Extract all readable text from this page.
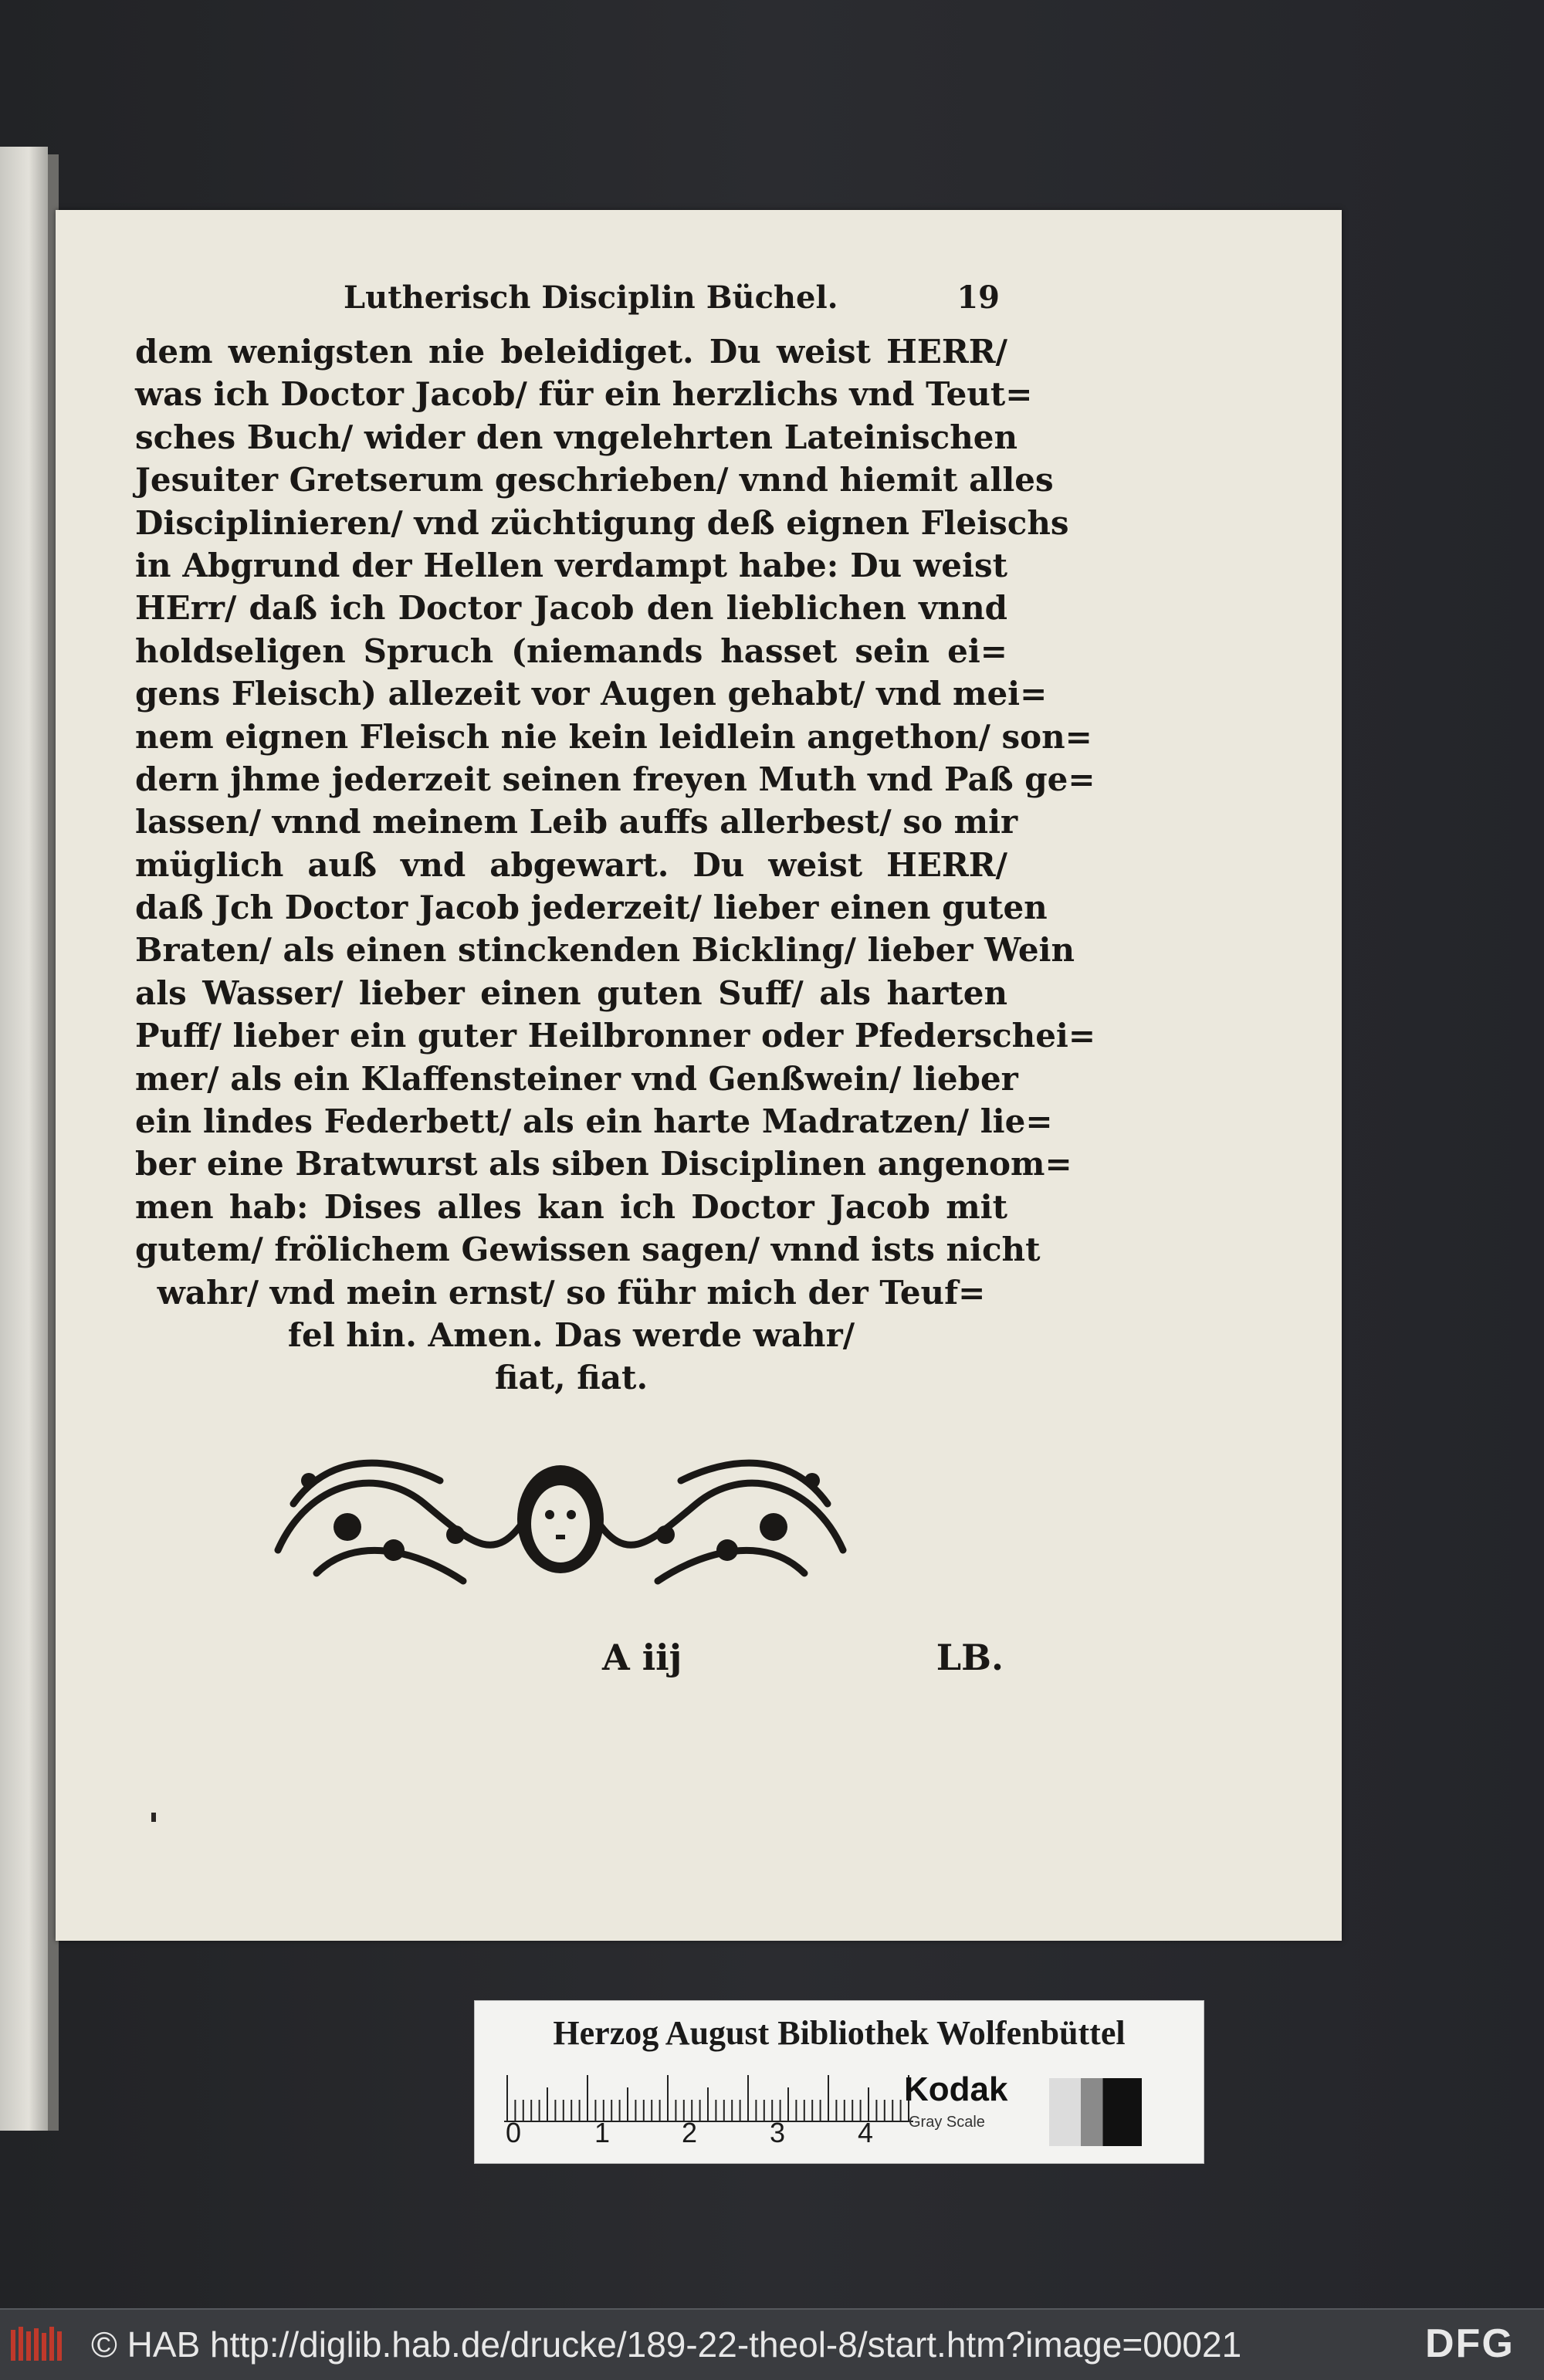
Lutherisch Disciplin Büchel.	19
dem wenigsten nie beleidiget. Du weist HERR/
was ich Doctor Jacob/ für ein herzlichs vnd Teut=
sches Buch/ wider den vngelehrten Lateinischen
Jesuiter Gretserum geschrieben/ vnnd hiemit alles
Disciplinieren/ vnd züchtigung deß eignen Fleischs
in Abgrund der Hellen verdampt habe: Du weist
HErr/ daß ich Doctor Jacob den lieblichen vnnd
holdseligen Spruch (niemands hasset sein ei=
gens Fleisch) allezeit vor Augen gehabt/ vnd mei=
nem eignen Fleisch nie kein leidlein angethon/ son=
dern jhme jederzeit seinen freyen Muth vnd Paß ge=
lassen/ vnnd meinem Leib auffs allerbest/ so mir
müglich auß vnd abgewart. Du weist HERR/
daß Jch Doctor Jacob jederzeit/ lieber einen guten
Braten/ als einen stinckenden Bickling/ lieber Wein
als Wasser/ lieber einen guten Suff/ als harten
Puff/ lieber ein guter Heilbronner oder Pfederschei=
mer/ als ein Klaffensteiner vnd Genßwein/ lieber
ein lindes Federbett/ als ein harte Madratzen/ lie=
ber eine Bratwurst als siben Disciplinen angenom=
men hab: Dises alles kan ich Doctor Jacob mit
gutem/ frölichem Gewissen sagen/ vnnd ists nicht
wahr/ vnd mein ernst/ so führ mich der Teuf=
fel hin. Amen. Das werde wahr/
fiat, fiat.
A iij	LB.
Herzog August Bibliothek Wolfenbüttel
0	1	2	3	4
Kodak
Gray Scale
© HAB http://diglib.hab.de/drucke/189-22-theol-8/start.htm?image=00021	DFG
